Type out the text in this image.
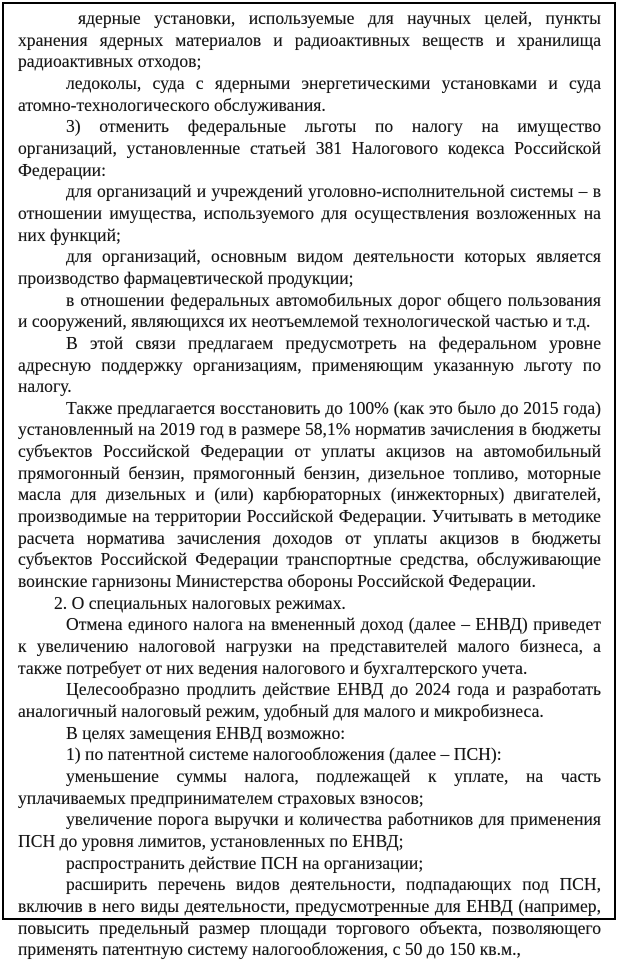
ядерные установки, используемые для научных целей, пункты хранения ядерных материалов и радиоактивных веществ и хранилища радиоактивных отходов;

ледоколы, суда с ядерными энергетическими установками и суда атомно-технологического обслуживания.

3) отменить федеральные льготы по налогу на имущество организаций, установленные статьей 381 Налогового кодекса Российской Федерации:

для организаций и учреждений уголовно-исполнительной системы – в отношении имущества, используемого для осуществления возложенных на них функций;

для организаций, основным видом деятельности которых является производство фармацевтической продукции;

в отношении федеральных автомобильных дорог общего пользования и сооружений, являющихся их неотъемлемой технологической частью и т.д.

В этой связи предлагаем предусмотреть на федеральном уровне адресную поддержку организациям, применяющим указанную льготу по налогу.

Также предлагается восстановить до 100% (как это было до 2015 года) установленный на 2019 год в размере 58,1% норматив зачисления в бюджеты субъектов Российской Федерации от уплаты акцизов на автомобильный прямогонный бензин, прямогонный бензин, дизельное топливо, моторные масла для дизельных и (или) карбюраторных (инжекторных) двигателей, производимые на территории Российской Федерации. Учитывать в методике расчета норматива зачисления доходов от уплаты акцизов в бюджеты субъектов Российской Федерации транспортные средства, обслуживающие воинские гарнизоны Министерства обороны Российской Федерации.

2. О специальных налоговых режимах.

Отмена единого налога на вмененный доход (далее – ЕНВД) приведет к увеличению налоговой нагрузки на представителей малого бизнеса, а также потребует от них ведения налогового и бухгалтерского учета.

Целесообразно продлить действие ЕНВД до 2024 года и разработать аналогичный налоговый режим, удобный для малого и микробизнеса.

В целях замещения ЕНВД возможно:

1) по патентной системе налогообложения (далее – ПСН):

уменьшение суммы налога, подлежащей к уплате, на часть уплачиваемых предпринимателем страховых взносов;

увеличение порога выручки и количества работников для применения ПСН до уровня лимитов, установленных по ЕНВД;

распространить действие ПСН на организации;

расширить перечень видов деятельности, подпадающих под ПСН, включив в него виды деятельности, предусмотренные для ЕНВД (например, повысить предельный размер площади торгового объекта, позволяющего применять патентную систему налогообложения, с 50 до 150 кв.м.,
